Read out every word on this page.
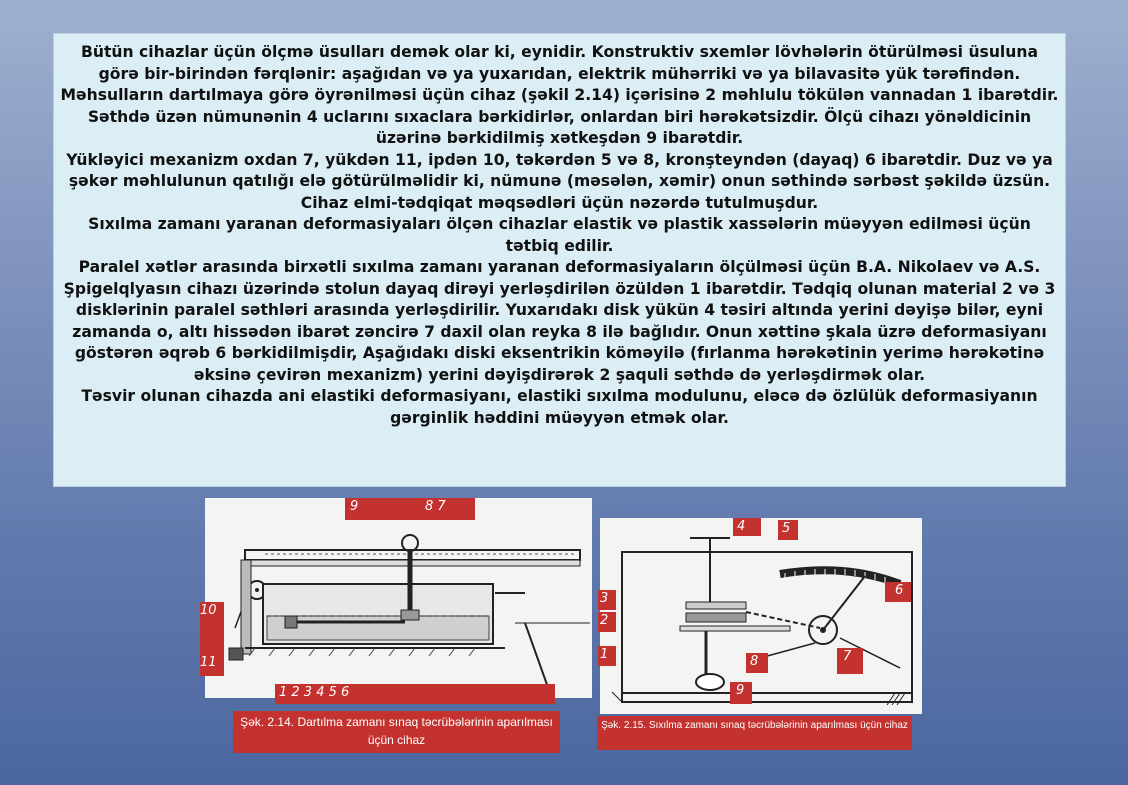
Bütün cihazlar üçün ölçmə üsulları demək olar ki, eynidir. Konstruktiv sxemlər lövhələrin ötürülməsi üsuluna görə bir-birindən fərqlənir: aşağıdan və ya yuxarıdan, elektrik mühərriki və ya bilavasitə yük tərəfindən.

Məhsulların dartılmaya görə öyrənilməsi üçün cihaz (şəkil 2.14) içərisinə 2 məhlulu tökülən vannadan 1 ibarətdir. Səthdə üzən nümunənin 4 uclarını sıxaclara bərkidirlər, onlardan biri hərəkətsizdir. Ölçü cihazı yönəldicinin üzərinə bərkidilmiş xətkeşdən 9 ibarətdir.

Yükləyici mexanizm oxdan 7, yükdən 11, ipdən 10, təkərdən 5 və 8, kronşteyndən (dayaq) 6 ibarətdir. Duz və ya şəkər məhlulunun qatılığı elə götürülməlidir ki, nümunə (məsələn, xəmir) onun səthində sərbəst şəkildə üzsün. Cihaz elmi-tədqiqat məqsədləri üçün nəzərdə tutulmuşdur.

Sıxılma zamanı yaranan deformasiyaları ölçən cihazlar elastik və plastik xassələrin müəyyən edilməsi üçün tətbiq edilir.

Paralel xətlər arasında birxətli sıxılma zamanı yaranan deformasiyaların ölçülməsi üçün B.A. Nikolaev və A.S. Şpigelqlyasın cihazı üzərində stolun dayaq dirəyi yerləşdirilən özüldən 1 ibarətdir. Tədqiq olunan material 2 və 3 disklərinin paralel səthləri arasında yerləşdirilir. Yuxarıdakı disk yükün 4 təsiri altında yerini dəyişə bilər, eyni zamanda o, altı hissədən ibarət zəncirə 7 daxil olan reyka 8 ilə bağlıdır. Onun xəttinə şkala üzrə deformasiyanı göstərən əqrəb 6 bərkidilmişdir, Aşağıdakı diski eksentrikin köməyilə (fırlanma hərəkətinin yerimə hərəkətinə əksinə çevirən mexanizm) yerini dəyişdirərək 2 şaquli səthdə də yerləşdirmək olar.

Təsvir olunan cihazda ani elastiki deformasiyanı, elastiki sıxılma modulunu, eləcə də özlülük deformasiyanın gərginlik həddini müəyyən etmək olar.

9	8 7
10
11
1 2 3 4 5 6
Şək. 2.14. Dartılma zamanı sınaq təcrübələrinin aparılması üçün cihaz
4	5
6
3
2
1	8	7
9
Şək. 2.15. Sıxılma zamanı sınaq təcrübələrinin aparılması üçün cihaz
